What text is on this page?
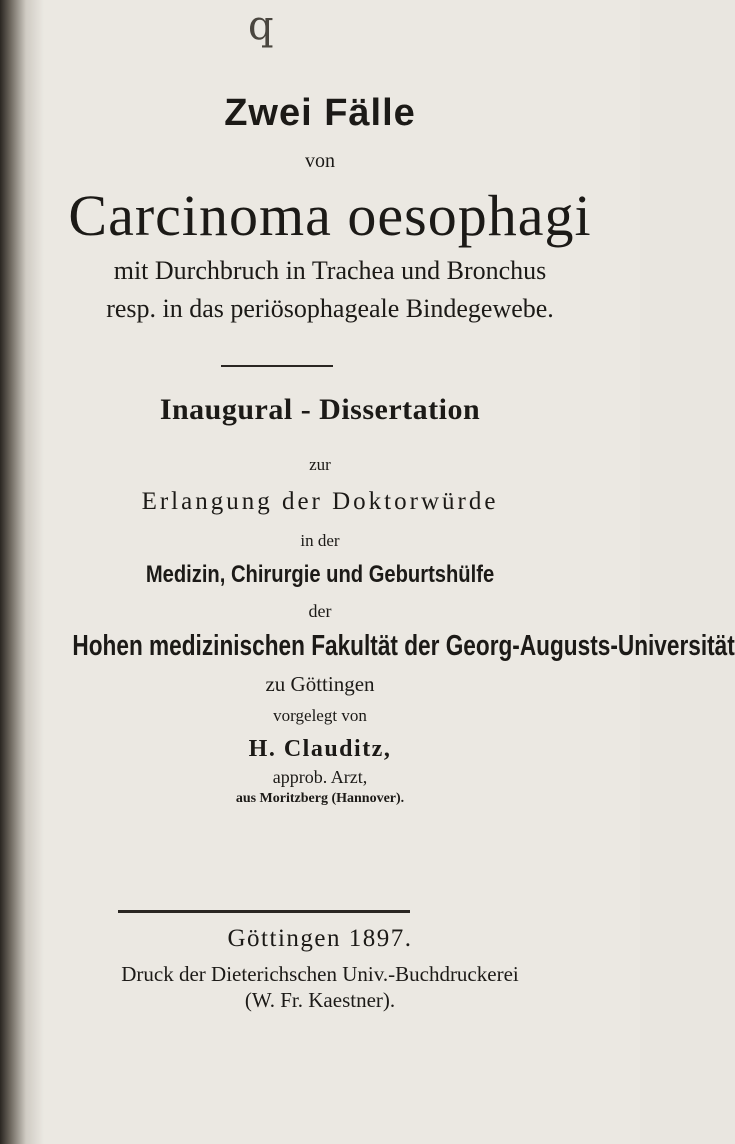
q
Zwei Fälle
von
Carcinoma oesophagi
mit Durchbruch in Trachea und Bronchus
resp. in das periösophageale Bindegewebe.
Inaugural - Dissertation
zur
Erlangung der Doktorwürde
in der
Medizin, Chirurgie und Geburtshülfe
der
Hohen medizinischen Fakultät der Georg-Augusts-Universität
zu Göttingen
vorgelegt von
H. Clauditz,
approb. Arzt,
aus Moritzberg (Hannover).
Göttingen 1897.
Druck der Dieterichschen Univ.-Buchdruckerei
(W. Fr. Kaestner).
